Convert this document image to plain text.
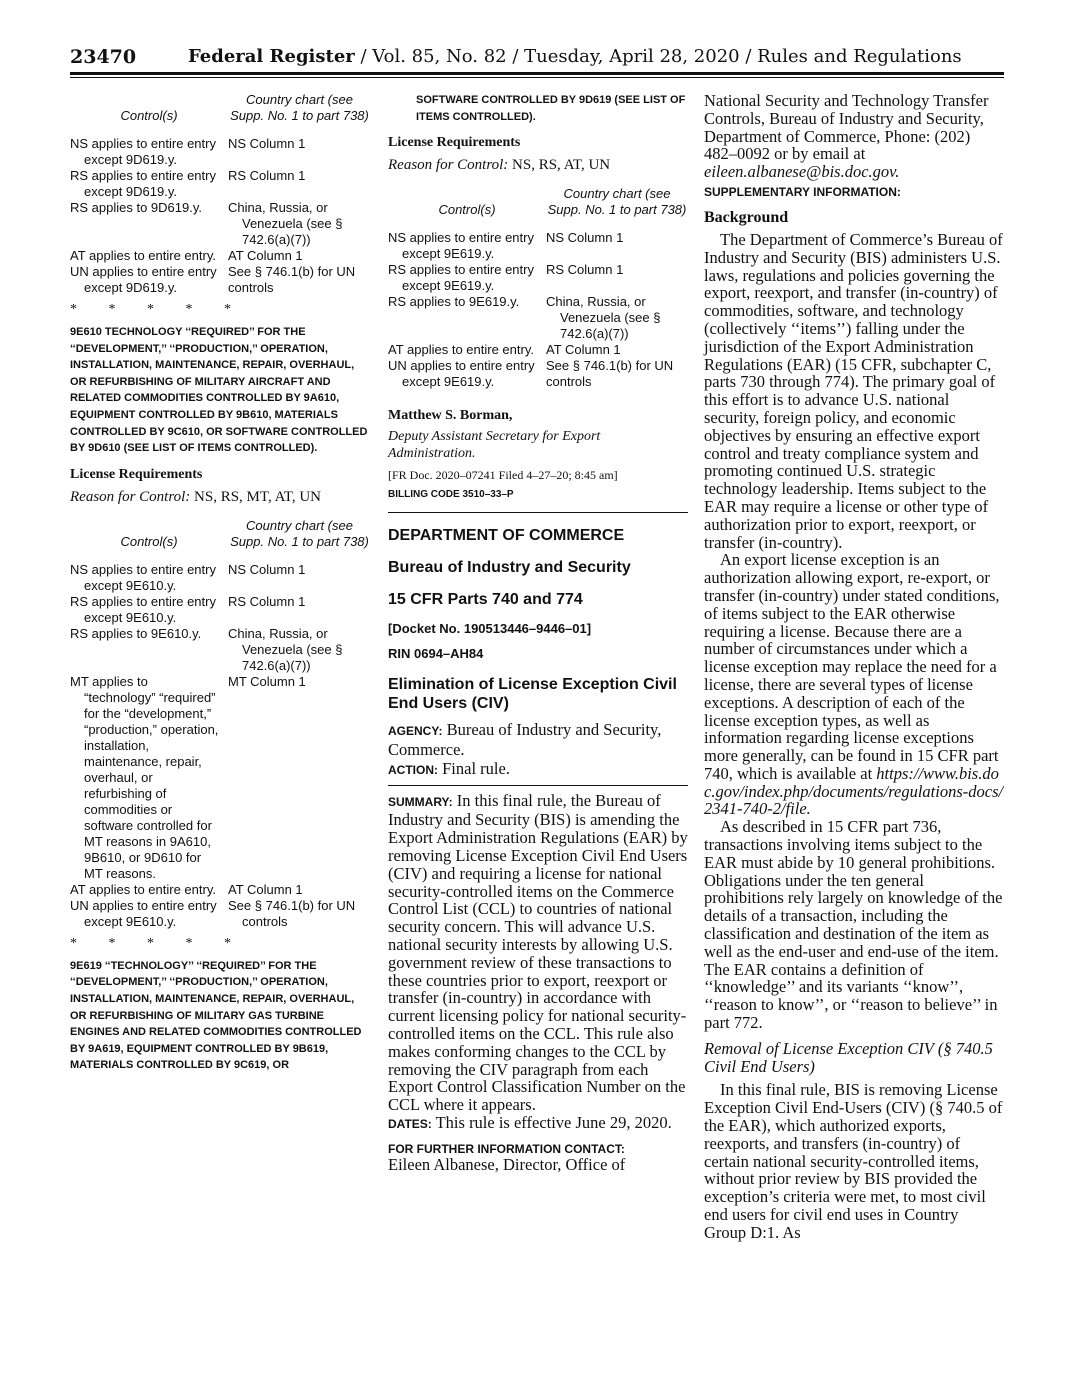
23470	Federal Register / Vol. 85, No. 82 / Tuesday, April 28, 2020 / Rules and Regulations
Control(s)	Country chart (see Supp. No. 1 to part 738)

NS applies to entire entry except 9D619.y.	NS Column 1

RS applies to entire entry except 9D619.y.	RS Column 1

RS applies to 9D619.y.	China, Russia, or Venezuela (see § 742.6(a)(7))

AT applies to entire entry.	AT Column 1

UN applies to entire entry except 9D619.y.	See § 746.1(b) for UN controls
* * * * *
9E610 TECHNOLOGY ‘‘REQUIRED’’ FOR THE ‘‘DEVELOPMENT,’’ ‘‘PRODUCTION,’’ OPERATION, INSTALLATION, MAINTENANCE, REPAIR, OVERHAUL, OR REFURBISHING OF MILITARY AIRCRAFT AND RELATED COMMODITIES CONTROLLED BY 9A610, EQUIPMENT CONTROLLED BY 9B610, MATERIALS CONTROLLED BY 9C610, OR SOFTWARE CONTROLLED BY 9D610 (SEE LIST OF ITEMS CONTROLLED).
License Requirements
Reason for Control: NS, RS, MT, AT, UN
Control(s)	Country chart (see Supp. No. 1 to part 738)

NS applies to entire entry except 9E610.y.	NS Column 1

RS applies to entire entry except 9E610.y.	RS Column 1

RS applies to 9E610.y.	China, Russia, or Venezuela (see § 742.6(a)(7))

MT applies to “technology” “required” for the “development,” “production,” operation, installation, maintenance, repair, overhaul, or refurbishing of commodities or software controlled for MT reasons in 9A610, 9B610, or 9D610 for MT reasons.	MT Column 1

AT applies to entire entry.	AT Column 1

UN applies to entire entry except 9E610.y.	See § 746.1(b) for UN controls
* * * * *
9E619 ‘‘TECHNOLOGY’’ ‘‘REQUIRED’’ FOR THE ‘‘DEVELOPMENT,’’ ‘‘PRODUCTION,’’ OPERATION, INSTALLATION, MAINTENANCE, REPAIR, OVERHAUL, OR REFURBISHING OF MILITARY GAS TURBINE ENGINES AND RELATED COMMODITIES CONTROLLED BY 9A619, EQUIPMENT CONTROLLED BY 9B619, MATERIALS CONTROLLED BY 9C619, OR
SOFTWARE CONTROLLED BY 9D619 (SEE LIST OF ITEMS CONTROLLED).
License Requirements
Reason for Control: NS, RS, AT, UN
Control(s)	Country chart (see Supp. No. 1 to part 738)

NS applies to entire entry except 9E619.y.	NS Column 1

RS applies to entire entry except 9E619.y.	RS Column 1

RS applies to 9E619.y.	China, Russia, or Venezuela (see § 742.6(a)(7))

AT applies to entire entry.	AT Column 1

UN applies to entire entry except 9E619.y.	See § 746.1(b) for UN controls
Matthew S. Borman,
Deputy Assistant Secretary for Export Administration.
[FR Doc. 2020–07241 Filed 4–27–20; 8:45 am]
BILLING CODE 3510–33–P
DEPARTMENT OF COMMERCE
Bureau of Industry and Security
15 CFR Parts 740 and 774
[Docket No. 190513446–9446–01]
RIN 0694–AH84
Elimination of License Exception Civil End Users (CIV)
AGENCY: Bureau of Industry and Security, Commerce.
ACTION: Final rule.
SUMMARY: In this final rule, the Bureau of Industry and Security (BIS) is amending the Export Administration Regulations (EAR) by removing License Exception Civil End Users (CIV) and requiring a license for national security-controlled items on the Commerce Control List (CCL) to countries of national security concern. This will advance U.S. national security interests by allowing U.S. government review of these transactions to these countries prior to export, reexport or transfer (in-country) in accordance with current licensing policy for national security-controlled items on the CCL. This rule also makes conforming changes to the CCL by removing the CIV paragraph from each Export Control Classification Number on the CCL where it appears.
DATES: This rule is effective June 29, 2020.
FOR FURTHER INFORMATION CONTACT:
Eileen Albanese, Director, Office of
National Security and Technology Transfer Controls, Bureau of Industry and Security, Department of Commerce, Phone: (202) 482–0092 or by email at eileen.albanese@bis.doc.gov.
SUPPLEMENTARY INFORMATION:
Background

The Department of Commerce’s Bureau of Industry and Security (BIS) administers U.S. laws, regulations and policies governing the export, reexport, and transfer (in-country) of commodities, software, and technology (collectively ‘‘items’’) falling under the jurisdiction of the Export Administration Regulations (EAR) (15 CFR, subchapter C, parts 730 through 774). The primary goal of this effort is to advance U.S. national security, foreign policy, and economic objectives by ensuring an effective export control and treaty compliance system and promoting continued U.S. strategic technology leadership. Items subject to the EAR may require a license or other type of authorization prior to export, reexport, or transfer (in-country).

An export license exception is an authorization allowing export, re-export, or transfer (in-country) under stated conditions, of items subject to the EAR otherwise requiring a license. Because there are a number of circumstances under which a license exception may replace the need for a license, there are several types of license exceptions. A description of each of the license exception types, as well as information regarding license exceptions more generally, can be found in 15 CFR part 740, which is available at https://www.bis.doc.gov/index.php/documents/regulations-docs/2341-740-2/file.

As described in 15 CFR part 736, transactions involving items subject to the EAR must abide by 10 general prohibitions. Obligations under the ten general prohibitions rely largely on knowledge of the details of a transaction, including the classification and destination of the item as well as the end-user and end-use of the item. The EAR contains a definition of ‘‘knowledge’’ and its variants ‘‘know’’, ‘‘reason to know’’, or ‘‘reason to believe’’ in part 772.

Removal of License Exception CIV (§ 740.5 Civil End Users)

In this final rule, BIS is removing License Exception Civil End-Users (CIV) (§ 740.5 of the EAR), which authorized exports, reexports, and transfers (in-country) of certain national security-controlled items, without prior review by BIS provided the exception’s criteria were met, to most civil end users for civil end uses in Country Group D:1. As
